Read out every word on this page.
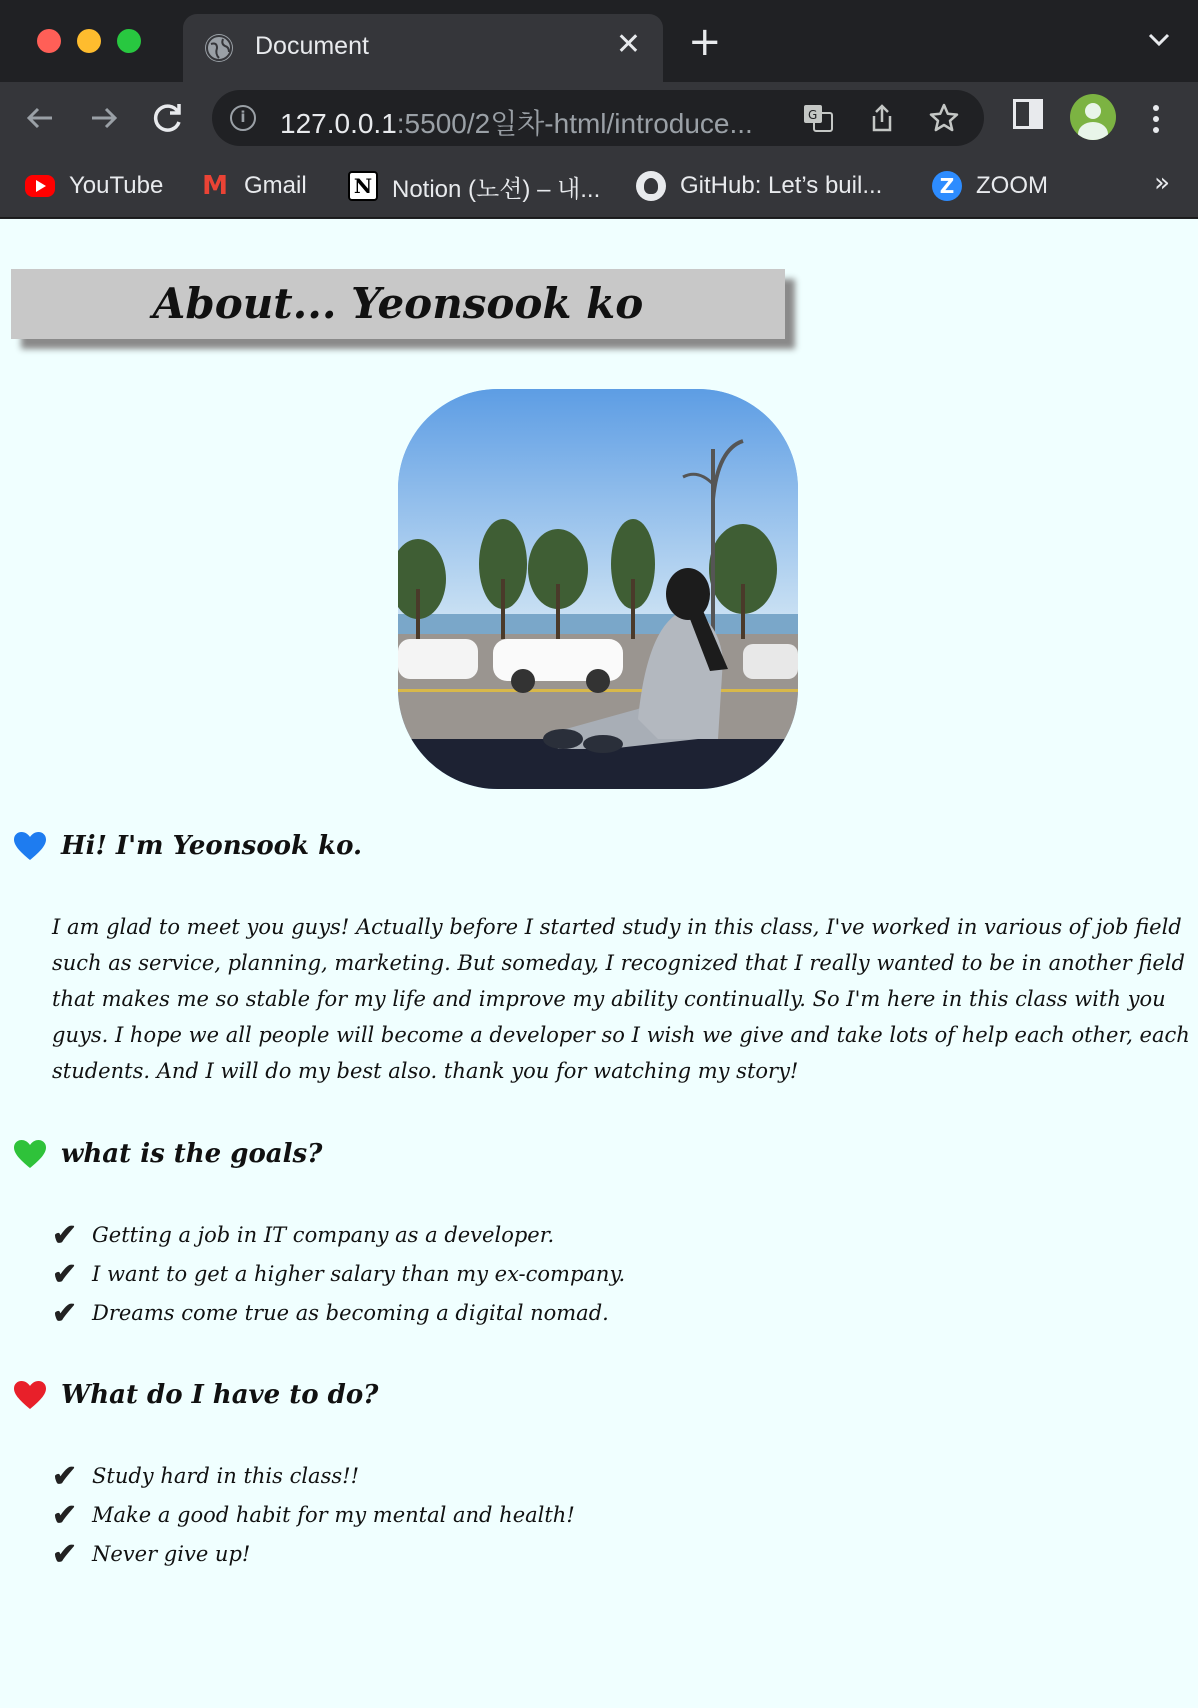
Document	✕ +
i	127.0.0.1:5500/2일차-html/introduce...	G
YouTube M Gmail N Notion (노션) – 내...	GitHub: Let’s buil...	Z ZOOM	»
About... Yeonsook ko
Hi! I'm Yeonsook ko.

I am glad to meet you guys! Actually before I started study in this class, I've worked in various of job field such as service, planning, marketing. But someday, I recognized that I really wanted to be in another field that makes me so stable for my life and improve my ability continually. So I'm here in this class with you guys. I hope we all people will become a developer so I wish we give and take lots of help each other, each students. And I will do my best also. thank you for watching my story!

what is the goals?
✔ Getting a job in IT company as a developer.
✔ I want to get a higher salary than my ex-company.
✔ Dreams come true as becoming a digital nomad.
What do I have to do?
✔ Study hard in this class!!
✔ Make a good habit for my mental and health!
✔ Never give up!
